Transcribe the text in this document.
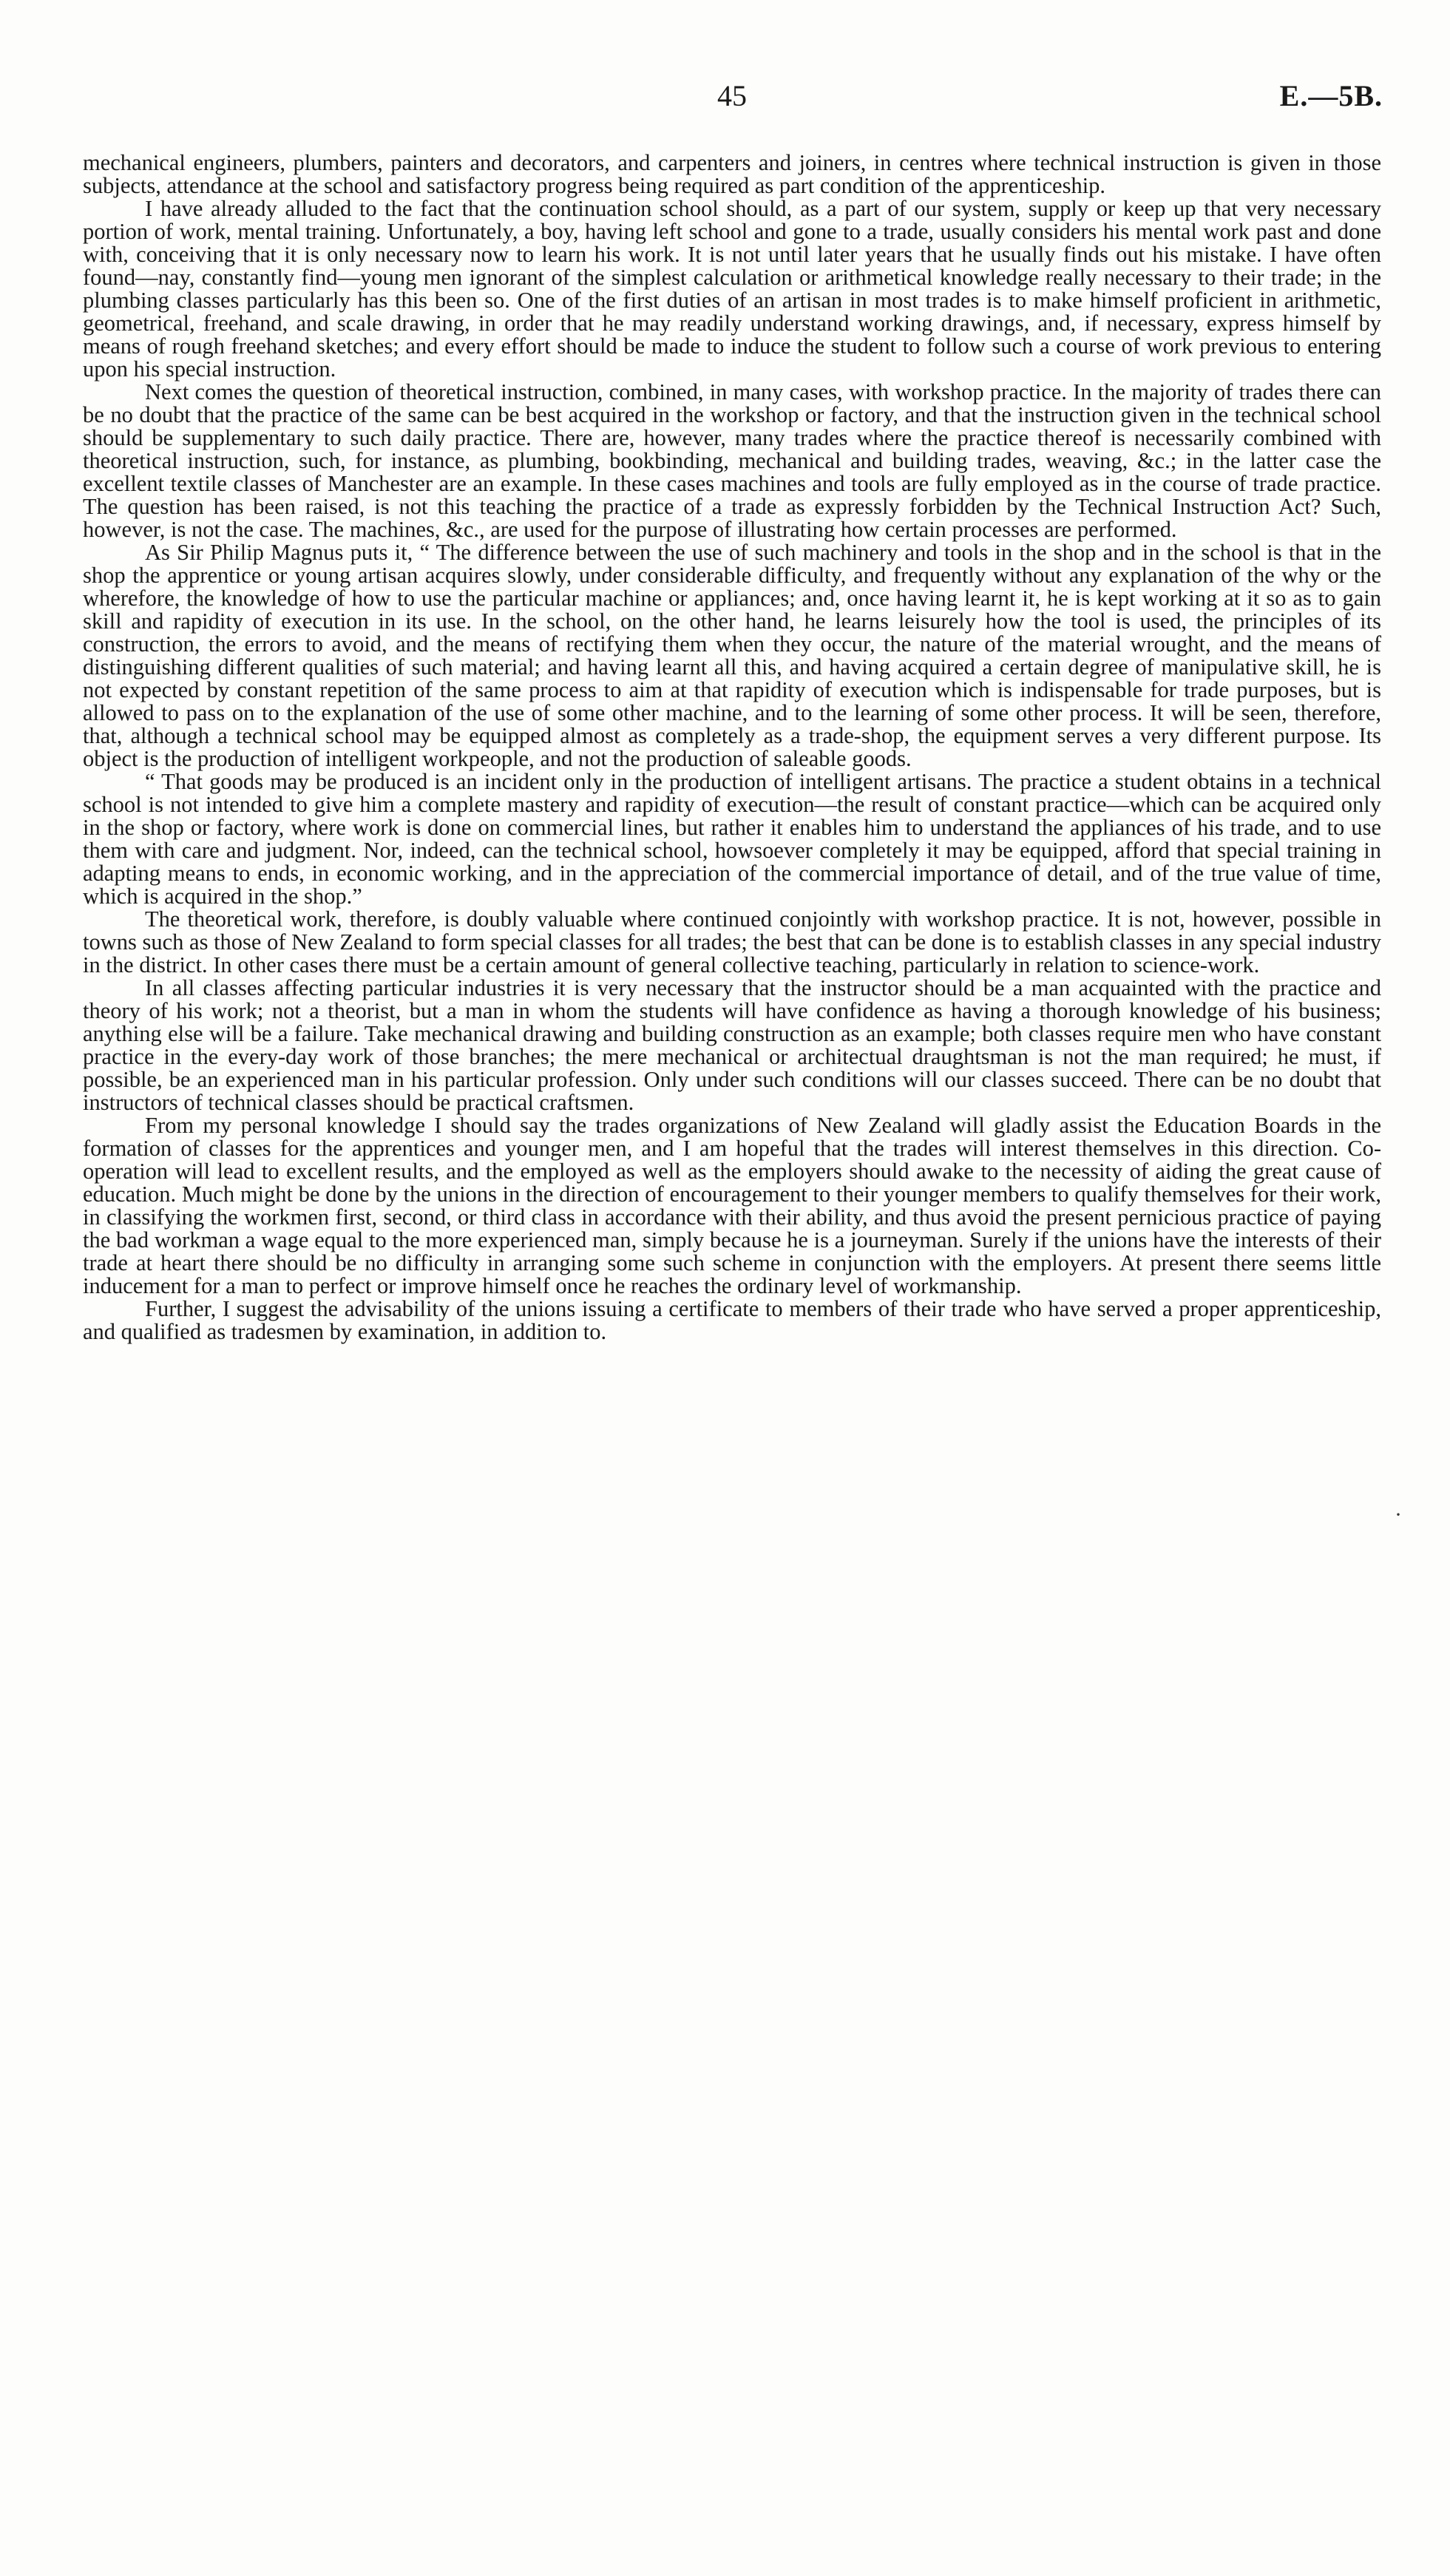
45	E.—5B.

mechanical engineers, plumbers, painters and decorators, and carpenters and joiners, in centres where technical instruction is given in those subjects, attendance at the school and satisfactory progress being required as part condition of the apprenticeship.

I have already alluded to the fact that the continuation school should, as a part of our system, supply or keep up that very necessary portion of work, mental training. Unfortunately, a boy, having left school and gone to a trade, usually considers his mental work past and done with, conceiving that it is only necessary now to learn his work. It is not until later years that he usually finds out his mistake. I have often found—nay, constantly find—young men ignorant of the simplest calculation or arithmetical knowledge really necessary to their trade; in the plumbing classes particularly has this been so. One of the first duties of an artisan in most trades is to make himself proficient in arithmetic, geometrical, freehand, and scale drawing, in order that he may readily understand working drawings, and, if necessary, express himself by means of rough freehand sketches; and every effort should be made to induce the student to follow such a course of work previous to entering upon his special instruction.

Next comes the question of theoretical instruction, combined, in many cases, with workshop practice. In the majority of trades there can be no doubt that the practice of the same can be best acquired in the workshop or factory, and that the instruction given in the technical school should be supplementary to such daily practice. There are, however, many trades where the practice thereof is necessarily combined with theoretical instruction, such, for instance, as plumbing, bookbinding, mechanical and building trades, weaving, &c.; in the latter case the excellent textile classes of Manchester are an example. In these cases machines and tools are fully employed as in the course of trade practice. The question has been raised, is not this teaching the practice of a trade as expressly forbidden by the Technical Instruction Act? Such, however, is not the case. The machines, &c., are used for the purpose of illustrating how certain processes are performed.

As Sir Philip Magnus puts it, “ The difference between the use of such machinery and tools in the shop and in the school is that in the shop the apprentice or young artisan acquires slowly, under considerable difficulty, and frequently without any explanation of the why or the wherefore, the knowledge of how to use the particular machine or appliances; and, once having learnt it, he is kept working at it so as to gain skill and rapidity of execution in its use. In the school, on the other hand, he learns leisurely how the tool is used, the principles of its construction, the errors to avoid, and the means of rectifying them when they occur, the nature of the material wrought, and the means of distinguishing different qualities of such material; and having learnt all this, and having acquired a certain degree of manipulative skill, he is not expected by constant repetition of the same process to aim at that rapidity of execution which is indispensable for trade purposes, but is allowed to pass on to the explanation of the use of some other machine, and to the learning of some other process. It will be seen, therefore, that, although a technical school may be equipped almost as completely as a trade-shop, the equipment serves a very different purpose. Its object is the production of intelligent workpeople, and not the production of saleable goods.

“ That goods may be produced is an incident only in the production of intelligent artisans. The practice a student obtains in a technical school is not intended to give him a complete mastery and rapidity of execution—the result of constant practice—which can be acquired only in the shop or factory, where work is done on commercial lines, but rather it enables him to understand the appliances of his trade, and to use them with care and judgment. Nor, indeed, can the technical school, howsoever completely it may be equipped, afford that special training in adapting means to ends, in economic working, and in the appreciation of the commercial importance of detail, and of the true value of time, which is acquired in the shop.”

The theoretical work, therefore, is doubly valuable where continued conjointly with workshop practice. It is not, however, possible in towns such as those of New Zealand to form special classes for all trades; the best that can be done is to establish classes in any special industry in the district. In other cases there must be a certain amount of general collective teaching, particularly in relation to science-work.

In all classes affecting particular industries it is very necessary that the instructor should be a man acquainted with the practice and theory of his work; not a theorist, but a man in whom the students will have confidence as having a thorough knowledge of his business; anything else will be a failure. Take mechanical drawing and building construction as an example; both classes require men who have constant practice in the every-day work of those branches; the mere mechanical or architectual draughtsman is not the man required; he must, if possible, be an experienced man in his particular profession. Only under such conditions will our classes succeed. There can be no doubt that instructors of technical classes should be practical craftsmen.

From my personal knowledge I should say the trades organizations of New Zealand will gladly assist the Education Boards in the formation of classes for the apprentices and younger men, and I am hopeful that the trades will interest themselves in this direction. Co-operation will lead to excellent results, and the employed as well as the employers should awake to the necessity of aiding the great cause of education. Much might be done by the unions in the direction of encouragement to their younger members to qualify themselves for their work, in classifying the workmen first, second, or third class in accordance with their ability, and thus avoid the present pernicious practice of paying the bad workman a wage equal to the more experienced man, simply because he is a journeyman. Surely if the unions have the interests of their trade at heart there should be no difficulty in arranging some such scheme in conjunction with the employers. At present there seems little inducement for a man to perfect or improve himself once he reaches the ordinary level of workmanship.

Further, I suggest the advisability of the unions issuing a certificate to members of their trade who have served a proper apprenticeship, and qualified as tradesmen by examination, in addition to.

·
